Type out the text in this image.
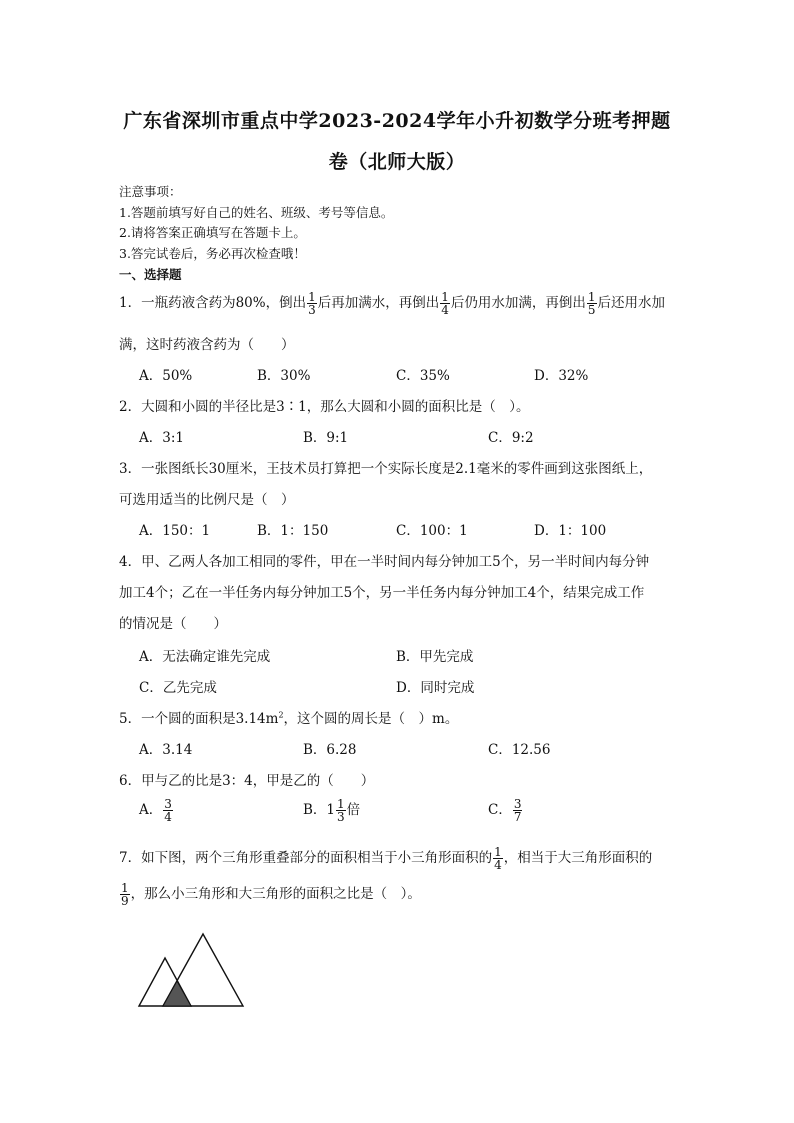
广东省深圳市重点中学2023-2024学年小升初数学分班考押题
卷（北师大版）
注意事项：
1.答题前填写好自己的姓名、班级、考号等信息。
2.请将答案正确填写在答题卡上。
3.答完试卷后，务必再次检查哦！
一、选择题
1．一瓶药液含药为80%，倒出 $\frac{1}{3}$ 后再加满水，再倒出 $\frac{1}{4}$ 后仍用水加满，再倒出 $\frac{1}{5}$ 后还用水加
满，这时药液含药为（　　）
A．50%	B．30%	C．35%	D．32%
2．大圆和小圆的半径比是3∶1，那么大圆和小圆的面积比是（　）。
A．3:1	B．9:1	C．9:2
3．一张图纸长30厘米，王技术员打算把一个实际长度是2.1毫米的零件画到这张图纸上，
可选用适当的比例尺是（　）
A．150：1	B．1：150	C．100：1	D．1：100
4．甲、乙两人各加工相同的零件，甲在一半时间内每分钟加工5个，另一半时间内每分钟
加工4个；乙在一半任务内每分钟加工5个，另一半任务内每分钟加工4个，结果完成工作
的情况是（　　）
A．无法确定谁先完成	B．甲先完成
C．乙先完成	D．同时完成
5．一个圆的面积是$3.14m^2$，这个圆的周长是（　）m。
A．3.14	B．6.28	C．12.56
6．甲与乙的比是3：4，甲是乙的（　　）
A． $\frac{3}{4}$	B．$1 \frac{1}{3}$ 倍	C． $\frac{3}{7}$
7．如下图，两个三角形重叠部分的面积相当于小三角形面积的 $\frac{1}{4}$ ，相当于大三角形面积的
$\frac{1}{9}$ ，那么小三角形和大三角形的面积之比是（　）。
